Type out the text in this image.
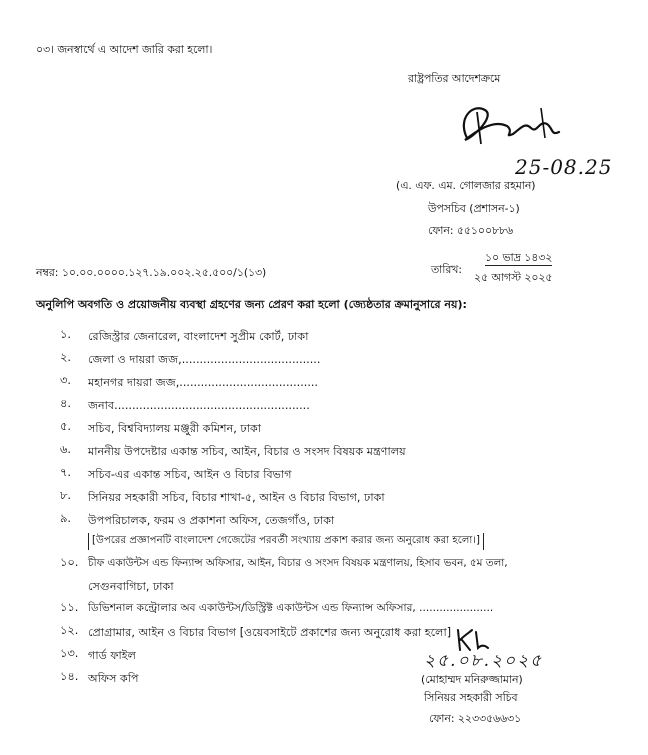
০৩। জনস্বার্থে এ আদেশ জারি করা হলো।
রাষ্ট্রপতির আদেশক্রমে
25-08.25
(এ. এফ. এম. গোলজার রহমান)
উপসচিব (প্রশাসন-১)
ফোন: ৫৫১০০৮৮৬
নম্বর: ১০.০০.০০০০.১২৭.১৯.০০২.২৫.৫০০/১(১৩)	তারিখ:
১০ ভাদ্র ১৪৩২
২৫ আগস্ট ২০২৫
অনুলিপি অবগতি ও প্রয়োজনীয় ব্যবস্থা গ্রহণের জন্য প্রেরণ করা হলো (জ্যেষ্ঠতার ক্রমানুসারে নয়):
১.	রেজিস্ট্রার জেনারেল, বাংলাদেশ সুপ্রীম কোর্ট, ঢাকা
২.	জেলা ও দায়রা জজ,.......................................
৩.	মহানগর দায়রা জজ,.......................................
৪.	জনাব.......................................................
৫.	সচিব, বিশ্ববিদ্যালয় মঞ্জুরী কমিশন, ঢাকা
৬.	মাননীয় উপদেষ্টার একান্ত সচিব, আইন, বিচার ও সংসদ বিষয়ক মন্ত্রণালয়
৭.	সচিব-এর একান্ত সচিব, আইন ও বিচার বিভাগ
৮.	সিনিয়র সহকারী সচিব, বিচার শাখা-৫, আইন ও বিচার বিভাগ, ঢাকা
৯.	উপপরিচালক, ফরম ও প্রকাশনা অফিস, তেজগাঁও, ঢাকা
[উপরের প্রজ্ঞাপনটি বাংলাদেশ গেজেটের পরবর্তী সংখ্যায় প্রকাশ করার জন্য অনুরোধ করা হলো।]
১০. চীফ একাউন্টস এন্ড ফিন্যান্স অফিসার, আইন, বিচার ও সংসদ বিষয়ক মন্ত্রণালয়, হিসাব ভবন, ৫ম তলা,
সেগুনবাগিচা, ঢাকা
১১. ডিভিশনাল কন্ট্রোলার অব একাউন্টস/ডিস্ট্রিক্ট একাউন্টস এন্ড ফিন্যান্স অফিসার, ......................
১২. প্রোগ্রামার, আইন ও বিচার বিভাগ [ওয়েবসাইটে প্রকাশের জন্য অনুরোধ করা হলো]
১৩. গার্ড ফাইল
১৪. অফিস কপি
২৫.০৮.২০২৫
(মোহাম্মদ মনিরুজ্জামান)
সিনিয়র সহকারী সচিব
ফোন: ২২৩৩৫৬৬৩১
